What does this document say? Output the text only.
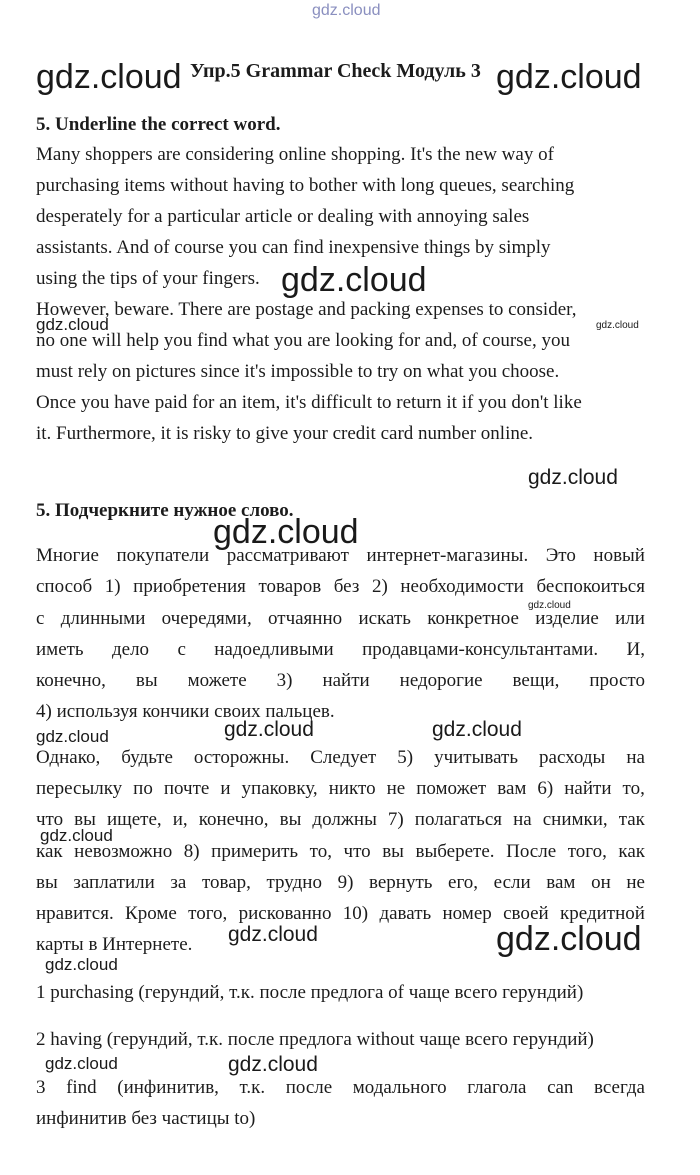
gdz.cloud
gdz.cloud	gdz.cloud
gdz.cloud
gdz.cloud	gdz.cloud
gdz.cloud
gdz.cloud
gdz.cloud
gdz.cloud	gdz.cloud	gdz.cloud
gdz.cloud
gdz.cloud	gdz.cloud
gdz.cloud
gdz.cloud	gdz.cloud
Упр.5 Grammar Check Модуль 3
5. Underline the correct word.
Many shoppers are considering online shopping. It's the new way of
purchasing items without having to bother with long queues, searching
desperately for a particular article or dealing with annoying sales
assistants. And of course you can find inexpensive things by simply
using the tips of your fingers.
However, beware. There are postage and packing expenses to consider,
no one will help you find what you are looking for and, of course, you
must rely on pictures since it's impossible to try on what you choose.
Once you have paid for an item, it's difficult to return it if you don't like
it. Furthermore, it is risky to give your credit card number online.
5. Подчеркните нужное слово.
Многие покупатели рассматривают интернет-магазины. Это новый
способ 1) приобретения товаров без 2) необходимости беспокоиться
с длинными очередями, отчаянно искать конкретное изделие или
иметь дело с надоедливыми продавцами-консультантами. И,
конечно, вы можете 3) найти недорогие вещи, просто
4) используя кончики своих пальцев.
Однако, будьте осторожны. Следует 5) учитывать расходы на
пересылку по почте и упаковку, никто не поможет вам 6) найти то,
что вы ищете, и, конечно, вы должны 7) полагаться на снимки, так
как невозможно 8) примерить то, что вы выберете. После того, как
вы заплатили за товар, трудно 9) вернуть его, если вам он не
нравится. Кроме того, рискованно 10) давать номер своей кредитной
карты в Интернете.
1 purchasing (герундий, т.к. после предлога of чаще всего герундий)
2 having (герундий, т.к. после предлога without чаще всего герундий)
3 find (инфинитив, т.к. после модального глагола can всегда
инфинитив без частицы to)
